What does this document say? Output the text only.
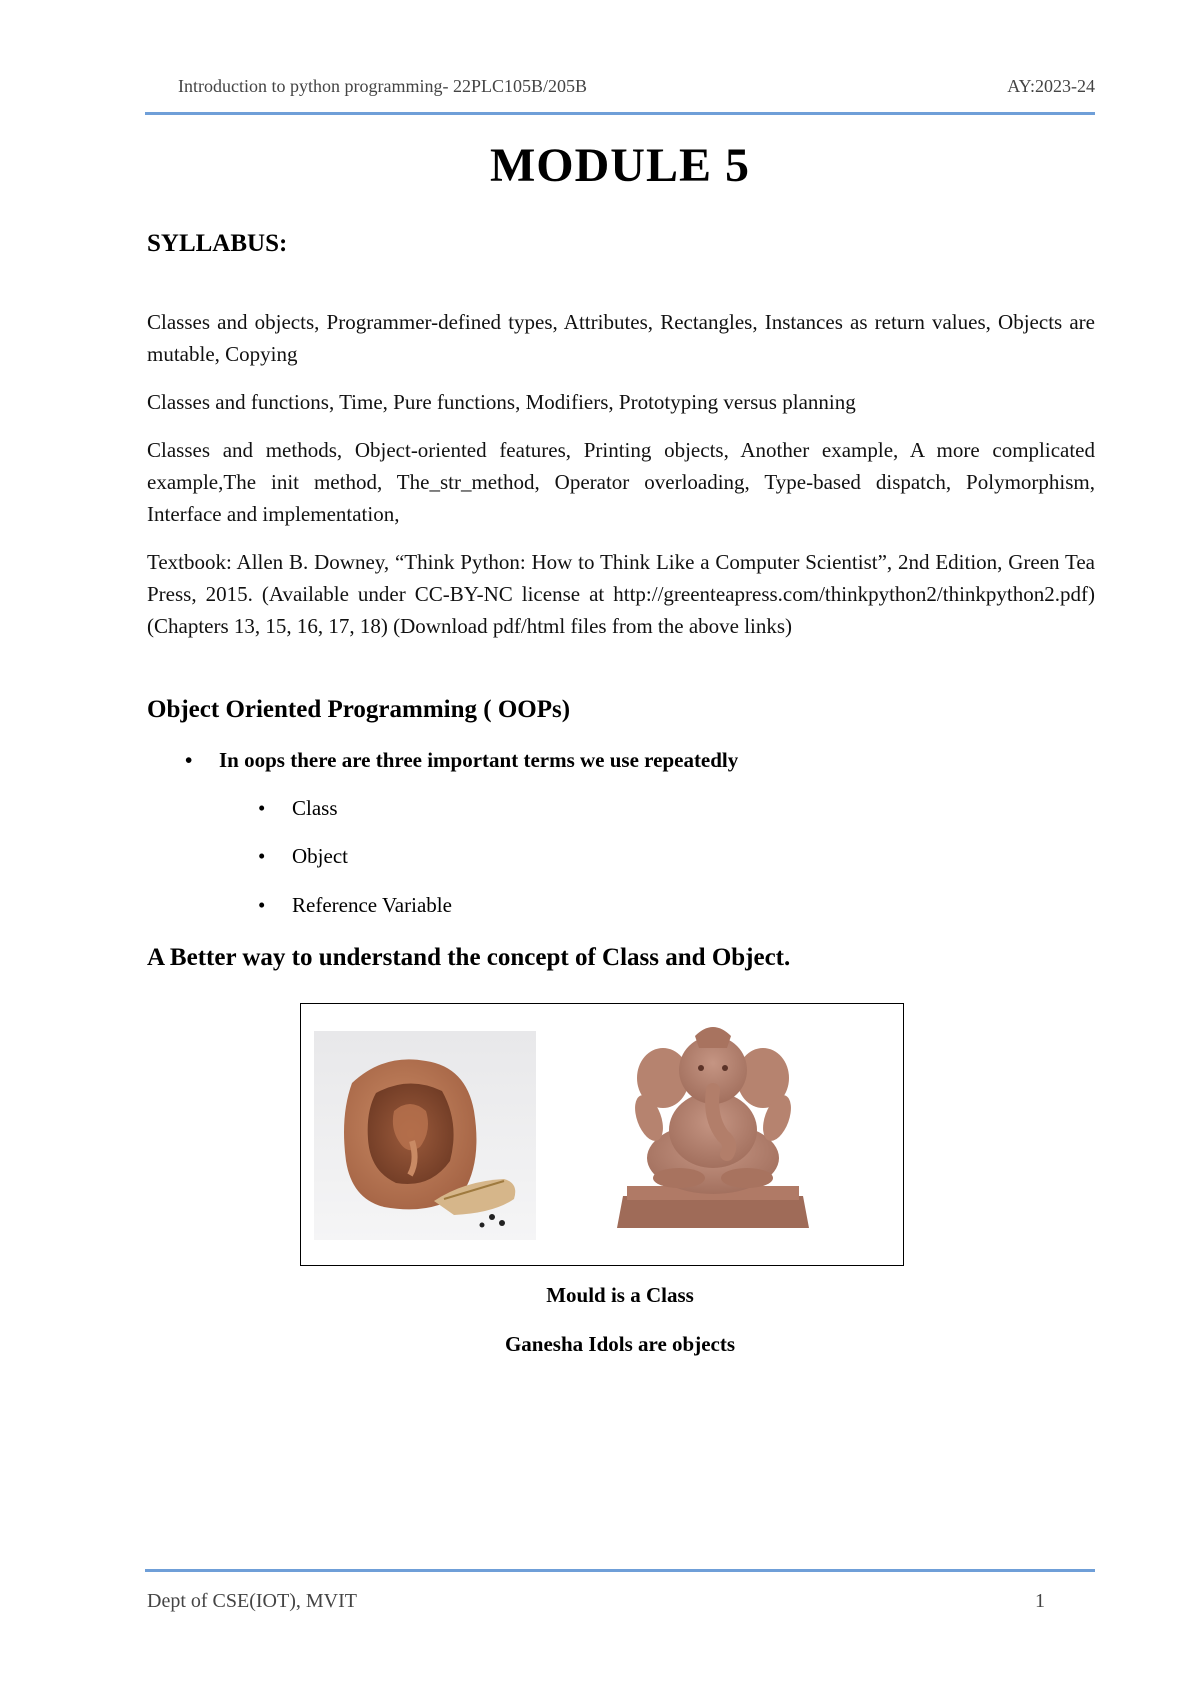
Introduction to python programming- 22PLC105B/205B	AY:2023-24
MODULE 5
SYLLABUS:
Classes and objects, Programmer-defined types, Attributes, Rectangles, Instances as return values, Objects are mutable, Copying
Classes and functions, Time, Pure functions, Modifiers, Prototyping versus planning
Classes and methods, Object-oriented features, Printing objects, Another example, A more complicated example,The init method, The_str_method, Operator overloading, Type-based dispatch, Polymorphism, Interface and implementation,
Textbook: Allen B. Downey, “Think Python: How to Think Like a Computer Scientist”, 2nd Edition, Green Tea Press, 2015. (Available under CC-BY-NC license at http://greenteapress.com/thinkpython2/thinkpython2.pdf) (Chapters 13, 15, 16, 17, 18) (Download pdf/html files from the above links)
Object Oriented Programming ( OOPs)
• In oops there are three important terms we use repeatedly
• Class
• Object
• Reference Variable
A Better way to understand the concept of Class and Object.
Mould is a Class
Ganesha Idols are objects
Dept of CSE(IOT), MVIT	1
